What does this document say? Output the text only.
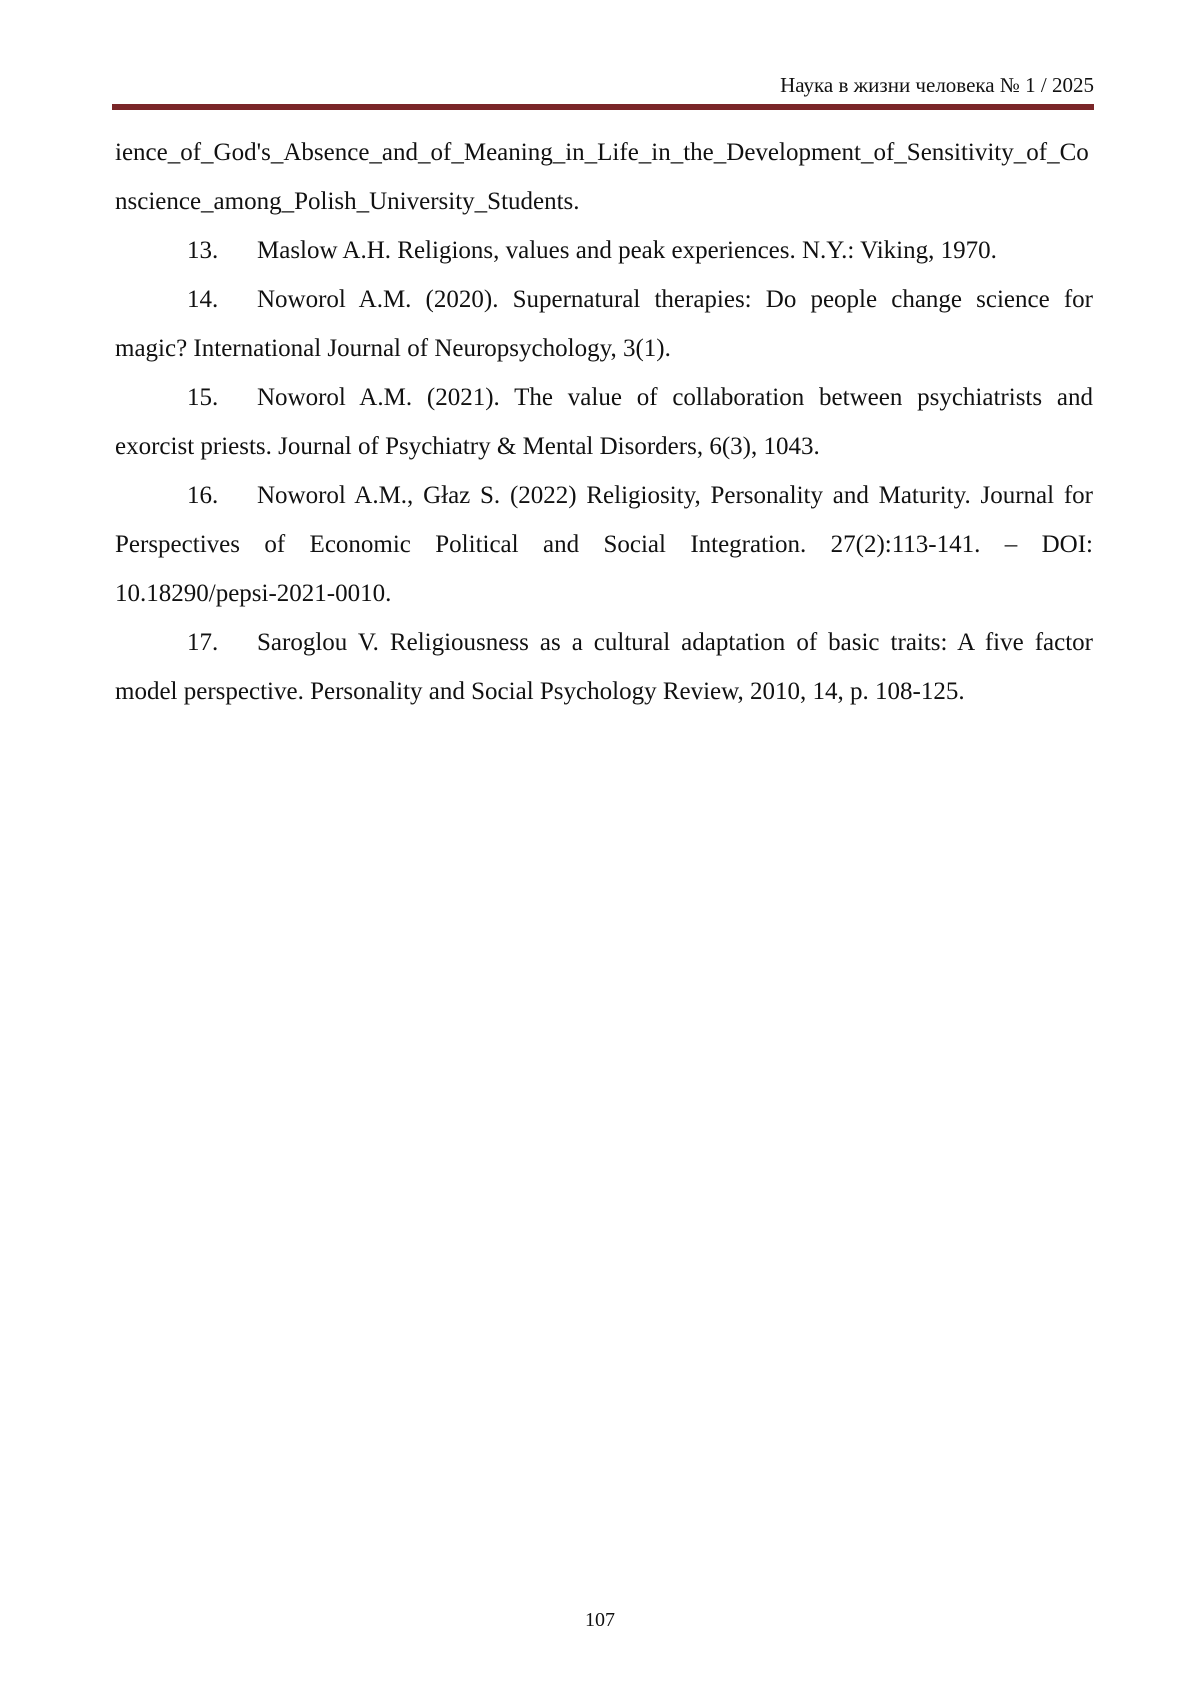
Наука в жизни человека № 1 / 2025

ience_of_God's_Absence_and_of_Meaning_in_Life_in_the_Development_of_Sensitivity_of_Conscience_among_Polish_University_Students.

13. Maslow A.H. Religions, values and peak experiences. N.Y.: Viking, 1970.

14. Noworol A.M. (2020). Supernatural therapies: Do people change science for magic? International Journal of Neuropsychology, 3(1).

15. Noworol A.M. (2021). The value of collaboration between psychiatrists and exorcist priests. Journal of Psychiatry & Mental Disorders, 6(3), 1043.

16. Noworol A.M., Głaz S. (2022) Religiosity, Personality and Maturity. Journal for Perspectives of Economic Political and Social Integration. 27(2):113-141. – DOI: 10.18290/pepsi-2021-0010.

17. Saroglou V. Religiousness as a cultural adaptation of basic traits: A five factor model perspective. Personality and Social Psychology Review, 2010, 14, p. 108-125.

107
